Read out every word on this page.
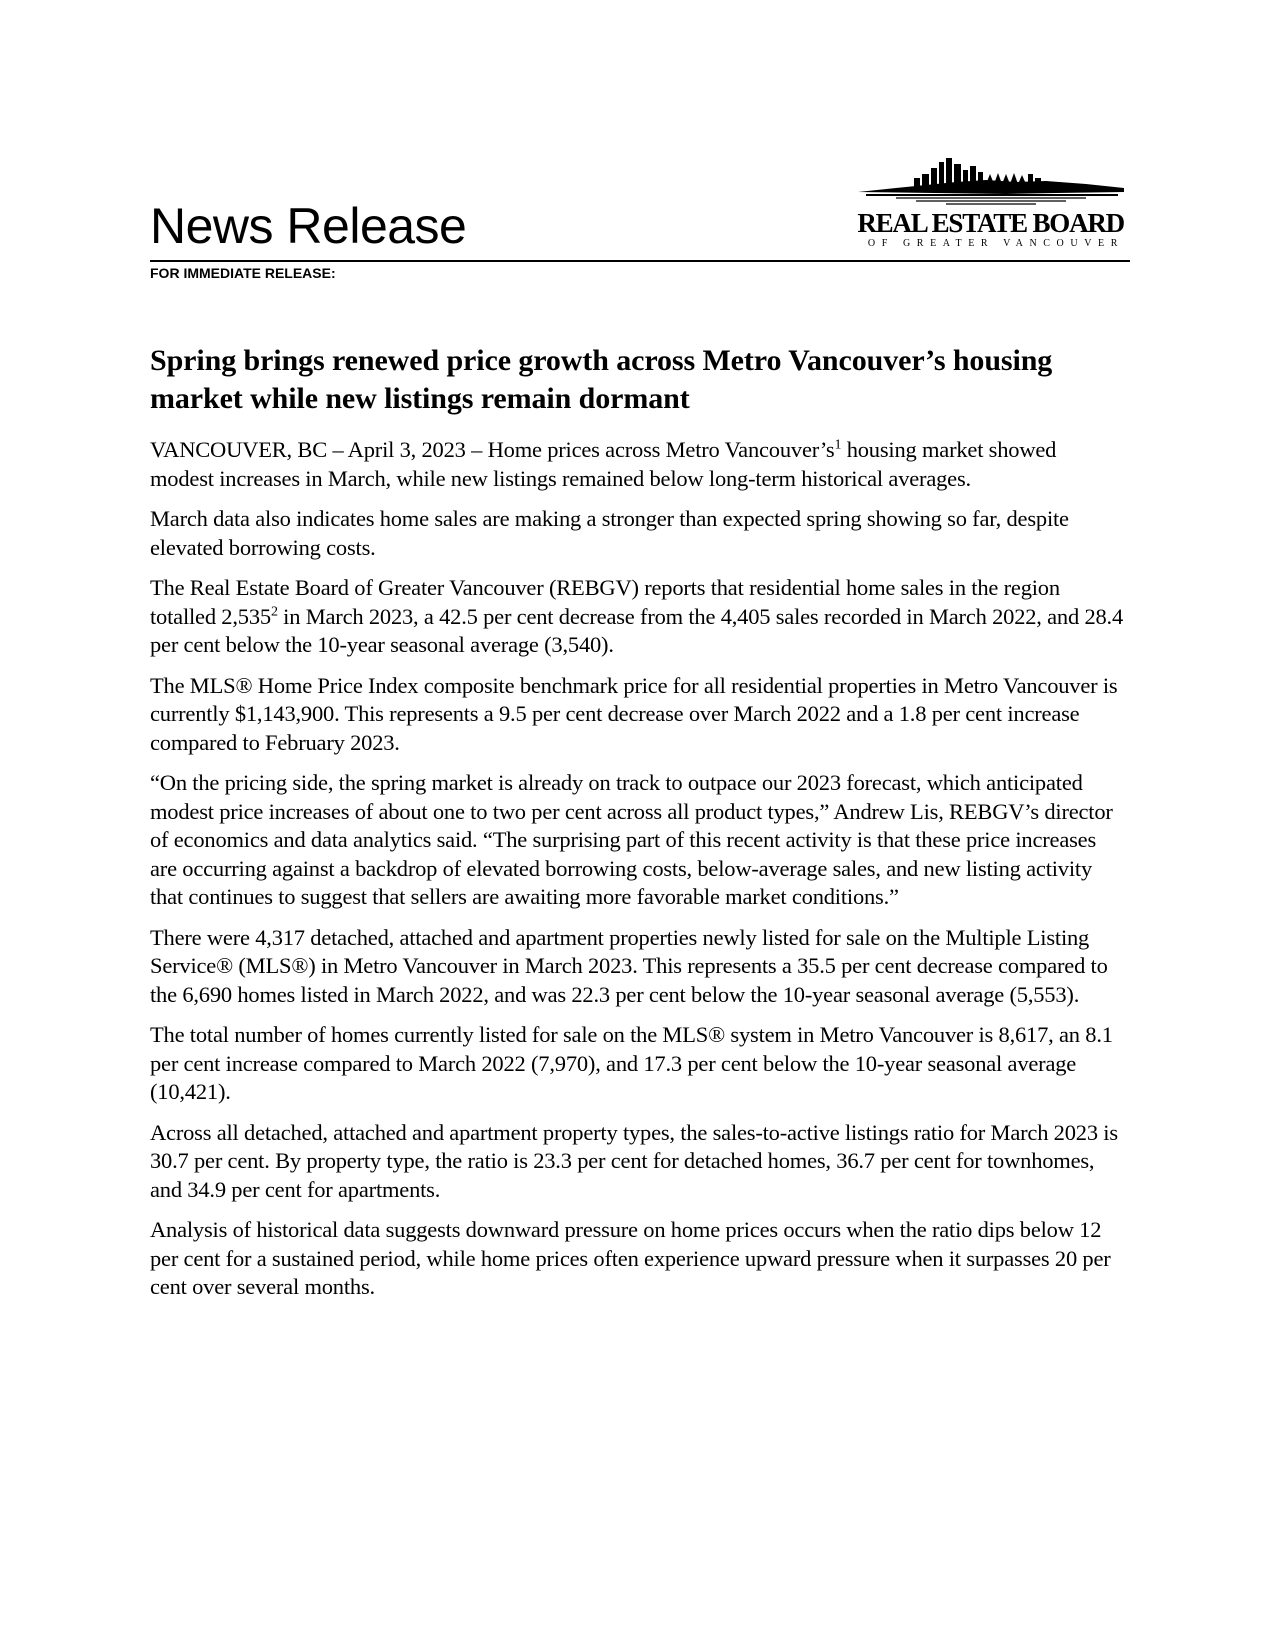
News Release
FOR IMMEDIATE RELEASE:
REAL ESTATE BOARD
OF GREATER VANCOUVER
Spring brings renewed price growth across Metro Vancouver’s housing market while new listings remain dormant

VANCOUVER, BC – April 3, 2023 – Home prices across Metro $Vancouver’s^1$ housing market showed modest increases in March, while new listings remained below long-term historical averages.

March data also indicates home sales are making a stronger than expected spring showing so far, despite elevated borrowing costs.

The Real Estate Board of Greater Vancouver (REBGV) reports that residential home sales in the region totalled 2,535$^2$ in March 2023, a 42.5 per cent decrease from the 4,405 sales recorded in March 2022, and 28.4 per cent below the 10-year seasonal average (3,540).

The MLS® Home Price Index composite benchmark price for all residential properties in Metro Vancouver is currently $1,143,900. This represents a 9.5 per cent decrease over March 2022 and a 1.8 per cent increase compared to February 2023.

“On the pricing side, the spring market is already on track to outpace our 2023 forecast, which anticipated modest price increases of about one to two per cent across all product types,” Andrew Lis, REBGV’s director of economics and data analytics said. “The surprising part of this recent activity is that these price increases are occurring against a backdrop of elevated borrowing costs, below-average sales, and new listing activity that continues to suggest that sellers are awaiting more favorable market conditions.”

There were 4,317 detached, attached and apartment properties newly listed for sale on the Multiple Listing Service® (MLS®) in Metro Vancouver in March 2023. This represents a 35.5 per cent decrease compared to the 6,690 homes listed in March 2022, and was 22.3 per cent below the 10-year seasonal average (5,553).

The total number of homes currently listed for sale on the MLS® system in Metro Vancouver is 8,617, an 8.1 per cent increase compared to March 2022 (7,970), and 17.3 per cent below the 10-year seasonal average (10,421).

Across all detached, attached and apartment property types, the sales-to-active listings ratio for March 2023 is 30.7 per cent. By property type, the ratio is 23.3 per cent for detached homes, 36.7 per cent for townhomes, and 34.9 per cent for apartments.

Analysis of historical data suggests downward pressure on home prices occurs when the ratio dips below 12 per cent for a sustained period, while home prices often experience upward pressure when it surpasses 20 per cent over several months.
